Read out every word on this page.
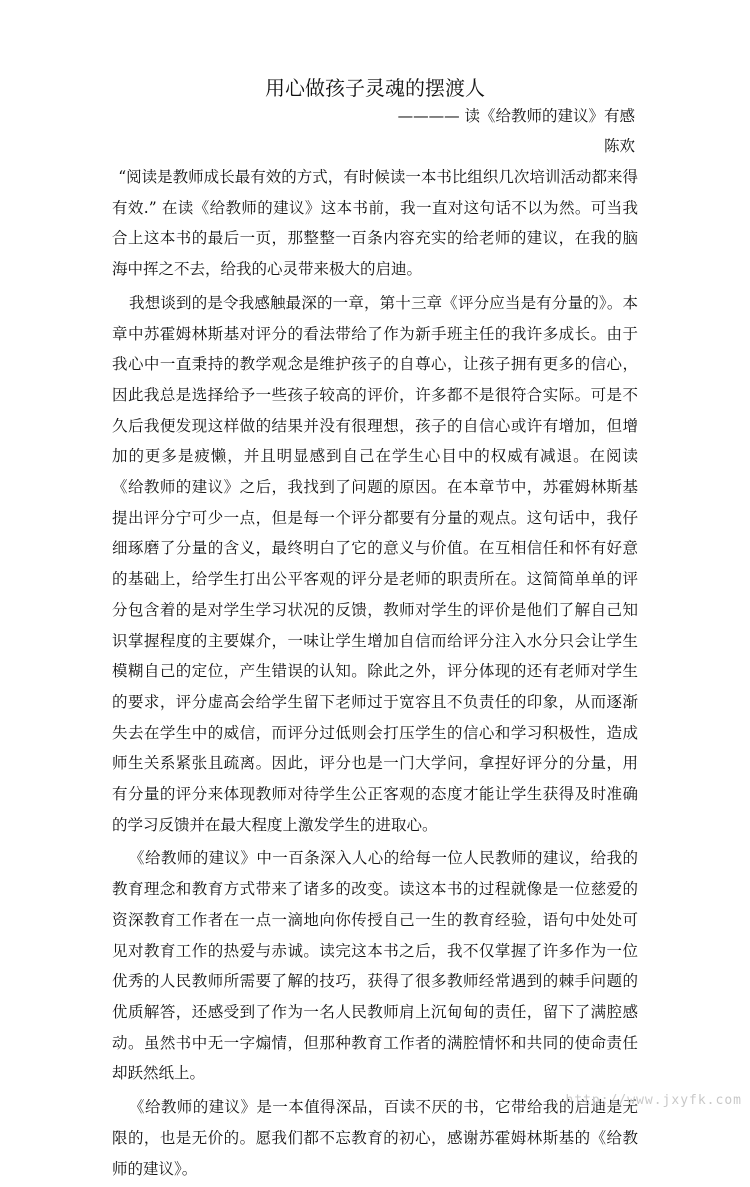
用心做孩子灵魂的摆渡人
———— 读《给教师的建议》有感
陈欢

“阅读是教师成长最有效的方式，有时候读一本书比组织几次培训活动都来得有效.” 在读《给教师的建议》这本书前，我一直对这句话不以为然。可当我合上这本书的最后一页，那整整一百条内容充实的给老师的建议，在我的脑海中挥之不去，给我的心灵带来极大的启迪。

我想谈到的是令我感触最深的一章，第十三章《评分应当是有分量的》。本章中苏霍姆林斯基对评分的看法带给了作为新手班主任的我许多成长。由于我心中一直秉持的教学观念是维护孩子的自尊心，让孩子拥有更多的信心，因此我总是选择给予一些孩子较高的评价，许多都不是很符合实际。可是不久后我便发现这样做的结果并没有很理想，孩子的自信心或许有增加，但增加的更多是疲懒，并且明显感到自己在学生心目中的权威有减退。在阅读《给教师的建议》之后，我找到了问题的原因。在本章节中，苏霍姆林斯基提出评分宁可少一点，但是每一个评分都要有分量的观点。这句话中，我仔细琢磨了分量的含义，最终明白了它的意义与价值。在互相信任和怀有好意的基础上，给学生打出公平客观的评分是老师的职责所在。这简简单单的评分包含着的是对学生学习状况的反馈，教师对学生的评价是他们了解自己知识掌握程度的主要媒介，一味让学生增加自信而给评分注入水分只会让学生模糊自己的定位，产生错误的认知。除此之外，评分体现的还有老师对学生的要求，评分虚高会给学生留下老师过于宽容且不负责任的印象，从而逐渐失去在学生中的威信，而评分过低则会打压学生的信心和学习积极性，造成师生关系紧张且疏离。因此，评分也是一门大学问，拿捏好评分的分量，用有分量的评分来体现教师对待学生公正客观的态度才能让学生获得及时准确的学习反馈并在最大程度上激发学生的进取心。

《给教师的建议》中一百条深入人心的给每一位人民教师的建议，给我的教育理念和教育方式带来了诸多的改变。读这本书的过程就像是一位慈爱的资深教育工作者在一点一滴地向你传授自己一生的教育经验，语句中处处可见对教育工作的热爱与赤诚。读完这本书之后，我不仅掌握了许多作为一位优秀的人民教师所需要了解的技巧，获得了很多教师经常遇到的棘手问题的优质解答，还感受到了作为一名人民教师肩上沉甸甸的责任，留下了满腔感动。虽然书中无一字煽情，但那种教育工作者的满腔情怀和共同的使命责任却跃然纸上。

《给教师的建议》是一本值得深品，百读不厌的书，它带给我的启迪是无限的，也是无价的。愿我们都不忘教育的初心，感谢苏霍姆林斯基的《给教师的建议》。

http://www.jxyfk.com
